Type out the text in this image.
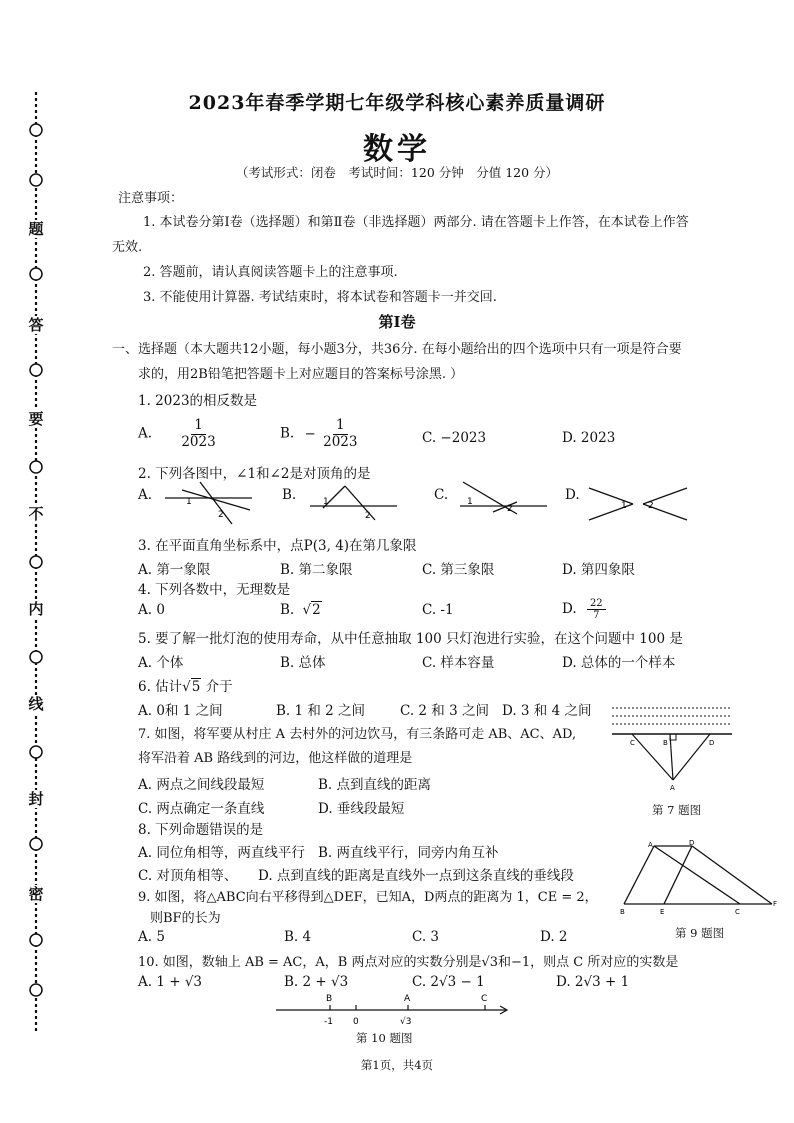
题
答
要
不
内
线
封
密
2023年春季学期七年级学科核心素养质量调研
数学
（考试形式：闭卷　考试时间：120 分钟　分值 120 分）
注意事项：
1. 本试卷分第Ⅰ卷（选择题）和第Ⅱ卷（非选择题）两部分. 请在答题卡上作答，在本试卷上作答
无效.
2. 答题前，请认真阅读答题卡上的注意事项.
3. 不能使用计算器. 考试结束时，将本试卷和答题卡一并交回.
第Ⅰ卷
一、选择题（本大题共12小题，每小题3分，共36分. 在每小题给出的四个选项中只有一项是符合要
求的，用2B铅笔把答题卡上对应题目的答案标号涂黑. ）
1. 2023的相反数是
A. $\frac{1}{2023}$	B. − $\frac{1}{2023}$	C. −2023	D. 2023
2. 下列各图中，∠1和∠2是对顶角的是
A.	B.	C.	D.
1
2
1
2
1
2	1 2
3. 在平面直角坐标系中，点P(3, 4)在第几象限
A. 第一象限	B. 第二象限	C. 第三象限	D. 第四象限
4. 下列各数中，无理数是
A. 0	B. √2	C. -1	D. $\frac{22}{7}$
5. 要了解一批灯泡的使用寿命，从中任意抽取 100 只灯泡进行实验，在这个问题中 100 是
A. 个体	B. 总体	C. 样本容量	D. 总体的一个样本
6. 估计√5 介于
A. 0和 1 之间	B. 1 和 2 之间	C. 2 和 3 之间 D. 3 和 4 之间
7. 如图，将军要从村庄 A 去村外的河边饮马，有三条路可走 AB、AC、AD,
将军沿着 AB 路线到的河边，他这样做的道理是
A. 两点之间线段最短	B. 点到直线的距离
C. 两点确定一条直线	D. 垂线段最短
C	B	D
A
第 7 题图
8. 下列命题错误的是
A. 同位角相等，两直线平行 B. 两直线平行，同旁内角互补
C. 对顶角相等、 D. 点到直线的距离是直线外一点到这条直线的垂线段
9. 如图，将△ABC向右平移得到△DEF，已知A，D两点的距离为 1，CE = 2，
则BF的长为
A. 5	B. 4	C. 3	D. 2
A	D
B	E	C
F
第 9 题图
10. 如图，数轴上 AB = AC，A，B 两点对应的实数分别是√3和−1，则点 C 所对应的实数是
A. 1 + √3	B. 2 + √3	C. 2√3 − 1	D. 2√3 + 1
B	A	C
-1 0	√3
第 10 题图
第1页，共4页
